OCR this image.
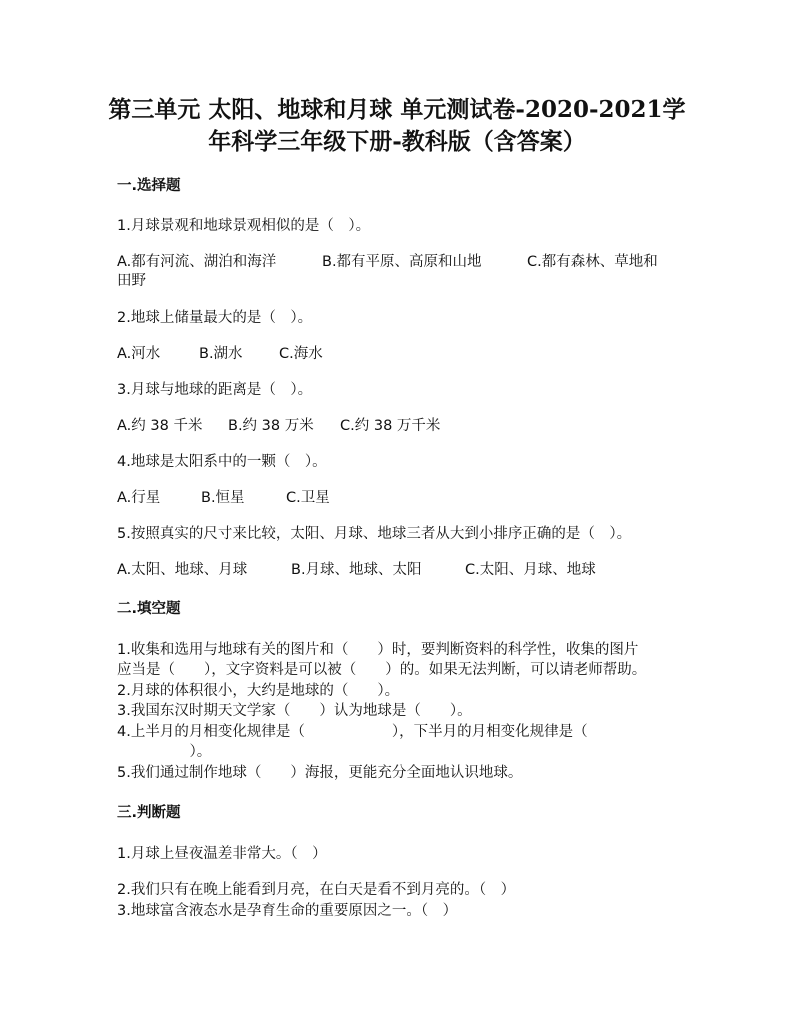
第三单元 太阳、地球和月球 单元测试卷-2020-2021学
年科学三年级下册-教科版（含答案）
一.选择题
1.月球景观和地球景观相似的是（　）。
A.都有河流、湖泊和海洋	B.都有平原、高原和山地	C.都有森林、草地和
田野
2.地球上储量最大的是（　）。
A.河水	B.湖水	C.海水
3.月球与地球的距离是（　）。
A.约 38 千米 B.约 38 万米 C.约 38 万千米
4.地球是太阳系中的一颗（　）。
A.行星	B.恒星	C.卫星
5.按照真实的尺寸来比较，太阳、月球、地球三者从大到小排序正确的是（　）。
A.太阳、地球、月球	B.月球、地球、太阳	C.太阳、月球、地球
二.填空题
1.收集和选用与地球有关的图片和（　　）时，要判断资料的科学性，收集的图片
应当是（　　），文字资料是可以被（　　）的。如果无法判断，可以请老师帮助。
2.月球的体积很小，大约是地球的（　　）。
3.我国东汉时期天文学家（　　）认为地球是（　　）。
4.上半月的月相变化规律是（　　　　　　），下半月的月相变化规律是（
　　　　　）。
5.我们通过制作地球（　　）海报，更能充分全面地认识地球。
三.判断题
1.月球上昼夜温差非常大。（　）
2.我们只有在晚上能看到月亮，在白天是看不到月亮的。（　）
3.地球富含液态水是孕育生命的重要原因之一。（　）
